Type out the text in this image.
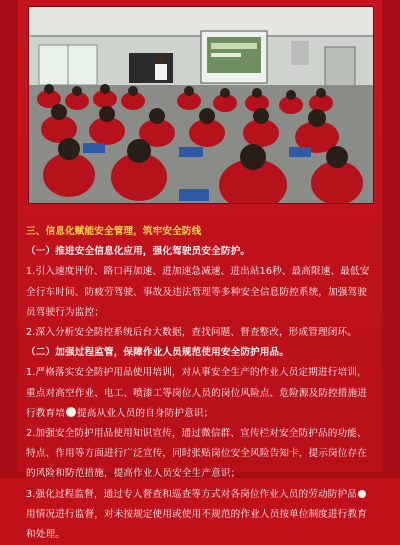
三、信息化赋能安全管理，筑牢安全防线

（一）推进安全信息化应用，强化驾驶员安全防护。

1.引入速度评价、路口再加速、进加速急减速、进出站16秒、最高限速、最低安全行车时间、防疲劳驾驶、事故及违法管理等多种安全信息防控系统，加强驾驶员驾驶行为监控；

2.深入分析安全防控系统后台大数据，查找问题、督查整改，形成管理闭环。

（二）加强过程监管，保障作业人员规范使用安全防护用品。

1.严格落实安全防护用品使用培训，对从事安全生产的作业人员定期进行培训，重点对高空作业、电工、喷漆工等岗位人员的岗位风险点、危险源及防控措施进行教育培 提高从业人员的自身防护意识；

2.加强安全防护用品使用知识宣传，通过微信群、宣传栏对安全防护品的功能、特点、作用等方面进行广泛宣传，同时张贴岗位安全风险告知卡，提示岗位存在的风险和防范措施，提高作业人员安全生产意识；

3.强化过程监督，通过专人督查和巡查等方式对各岗位作业人员的劳动防护品用情况进行监督，对未按规定使用或使用不规范的作业人员按单位制度进行教育和处理。
